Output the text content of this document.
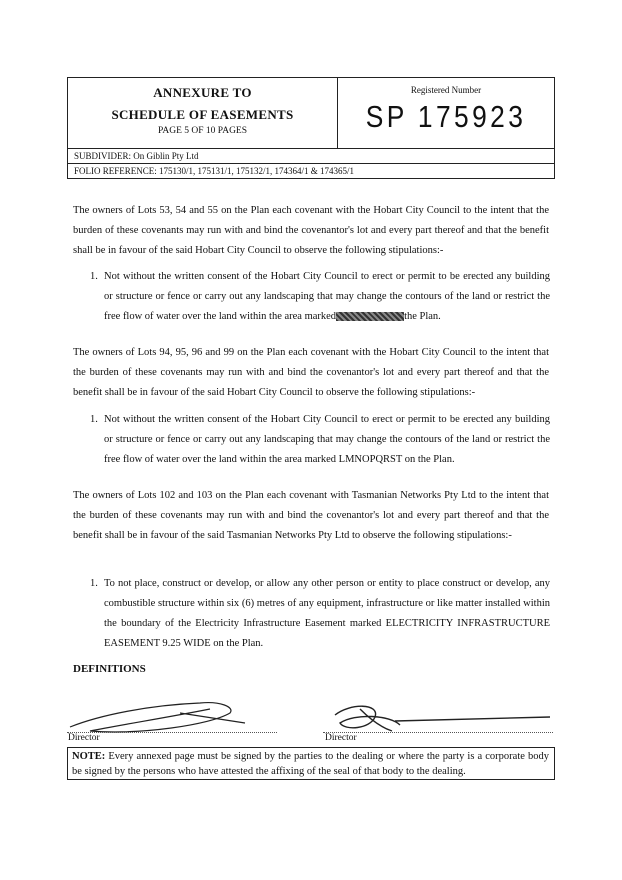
ANNEXURE TO
SCHEDULE OF EASEMENTS
PAGE 5 OF 10 PAGES
Registered Number
SP 175923
SUBDIVIDER: On Giblin Pty Ltd
FOLIO REFERENCE: 175130/1, 175131/1, 175132/1, 174364/1 & 174365/1

The owners of Lots 53, 54 and 55 on the Plan each covenant with the Hobart City Council to the intent that the burden of these covenants may run with and bind the covenantor's lot and every part thereof and that the benefit shall be in favour of the said Hobart City Council to observe the following stipulations:-

1. Not without the written consent of the Hobart City Council to erect or permit to be erected any building or structure or fence or carry out any landscaping that may change the contours of the land or restrict the free flow of water over the land within the area marked	the Plan.

The owners of Lots 94, 95, 96 and 99 on the Plan each covenant with the Hobart City Council to the intent that the burden of these covenants may run with and bind the covenantor's lot and every part thereof and that the benefit shall be in favour of the said Hobart City Council to observe the following stipulations:-

1. Not without the written consent of the Hobart City Council to erect or permit to be erected any building or structure or fence or carry out any landscaping that may change the contours of the land or restrict the free flow of water over the land within the area marked LMNOPQRST on the Plan.

The owners of Lots 102 and 103 on the Plan each covenant with Tasmanian Networks Pty Ltd to the intent that the burden of these covenants may run with and bind the covenantor's lot and every part thereof and that the benefit shall be in favour of the said Tasmanian Networks Pty Ltd to observe the following stipulations:-

1. To not place, construct or develop, or allow any other person or entity to place construct or develop, any combustible structure within six (6) metres of any equipment, infrastructure or like matter installed within the boundary of the Electricity Infrastructure Easement marked ELECTRICITY INFRASTRUCTURE EASEMENT 9.25 WIDE on the Plan.
DEFINITIONS
Director	Director
NOTE: Every annexed page must be signed by the parties to the dealing or where the party is a corporate body be signed by the persons who have attested the affixing of the seal of that body to the dealing.
